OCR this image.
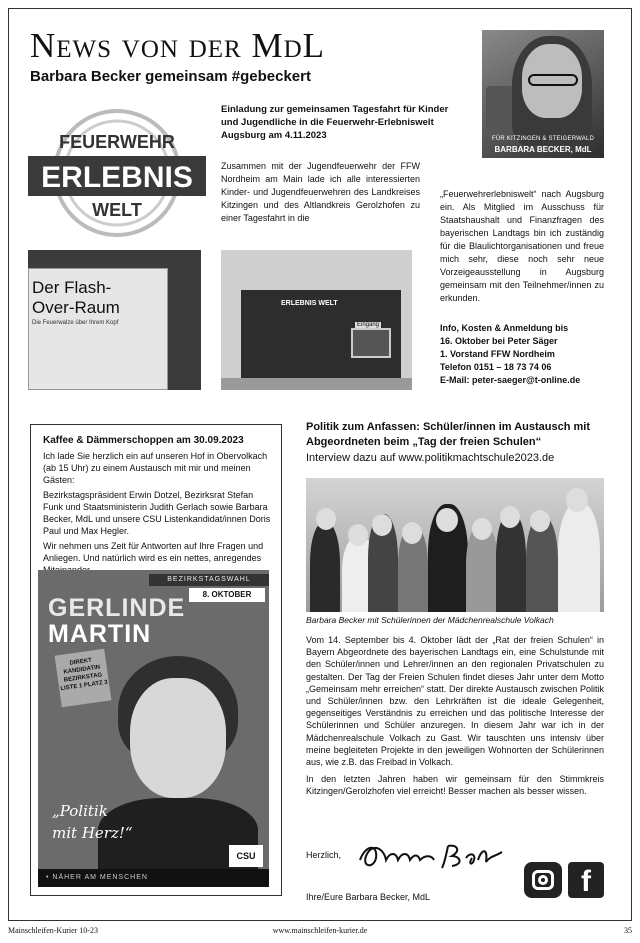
News von der MdL
Barbara Becker gemeinsam #gebeckert
FÜR KITZINGEN & STEIGERWALD
BARBARA BECKER, MdL
FEUERWEHR
ERLEBNIS
WELT
Einladung zur gemeinsamen Tagesfahrt für Kinder und Jugendliche in die Feuerwehr-Erlebniswelt Augsburg am 4.11.2023
Zusammen mit der Jugendfeuerwehr der FFW Nordheim am Main lade ich alle interessierten Kinder- und Jugendfeuerwehren des Landkreises Kitzingen und des Altlandkreis Gerolzhofen zu einer Tagesfahrt in die
„Feuerwehrerlebniswelt“ nach Augsburg ein. Als Mitglied im Ausschuss für Staatshaushalt und Finanzfragen des bayerischen Landtags bin ich zuständig für die Blaulichtorganisationen und freue mich sehr, diese noch sehr neue Vorzeigeausstellung in Augsburg gemeinsam mit den Teilnehmer/innen zu erkunden.
Info, Kosten & Anmeldung bis
16. Oktober bei Peter Säger
1. Vorstand FFW Nordheim
Telefon 0151 – 18 73 74 06
E-Mail: peter-saeger@t-online.de
Der Flash-
Over-Raum
Die Feuerwalze über Ihrem Kopf
ERLEBNIS WELT
Eingang
Kaffee & Dämmerschoppen am 30.09.2023

Ich lade Sie herzlich ein auf unseren Hof in Obervolkach (ab 15 Uhr) zu einem Austausch mit mir und meinen Gästen:

Bezirkstagspräsident Erwin Dotzel, Bezirksrat Stefan Funk und Staatsministerin Judith Gerlach sowie Barbara Becker, MdL und unsere CSU Listenkandidat/innen Doris Paul und Max Hegler.

Wir nehmen uns Zeit für Antworten auf Ihre Fragen und Anliegen. Und natürlich wird es ein nettes, anregendes

BEZIRKSTAGSWAHL
8. OKTOBER
GERLINDE
MARTIN
DIREKT KANDIDATIN BEZIRKSTAG LISTE 1 PLATZ 3
„Politik
mit Herz!“
CSU
• NÄHER AM MENSCHEN
Politik zum Anfassen: Schüler/innen im Austausch mit Abgeordneten beim „Tag der freien Schulen“
Interview dazu auf www.politikmachtschule2023.de
Barbara Becker mit Schülerinnen der Mädchenrealschule Volkach

Vom 14. September bis 4. Oktober lädt der „Rat der freien Schulen“ in Bayern Abgeordnete des bayerischen Landtags ein, eine Schulstunde mit den Schüler/innen und Lehrer/innen an den regionalen Privatschulen zu gestalten. Der Tag der Freien Schulen findet dieses Jahr unter dem Motto „Gemeinsam mehr erreichen“ statt. Der direkte Austausch zwischen Politik und Schüler/innen bzw. den Lehrkräften ist die ideale Gelegenheit, gegenseitiges Verständnis zu erreichen und das politische Interesse der Schülerinnen und Schüler anzuregen. In diesem Jahr war ich in der Mädchenrealschule Volkach zu Gast. Wir tauschten uns intensiv über meine begleiteten Projekte in den jeweiligen Wohnorten der Schülerinnen aus, wie z.B. das Freibad in Volkach.

In den letzten Jahren haben wir gemeinsam für den Stimmkreis Kitzingen/Gerolzhofen viel erreicht! Besser machen als besser wissen.

Herzlich,
Ihre/Eure Barbara Becker, MdL	f
Mainschleifen-Kurier 10-23	www.mainschleifen-kurier.de	35
